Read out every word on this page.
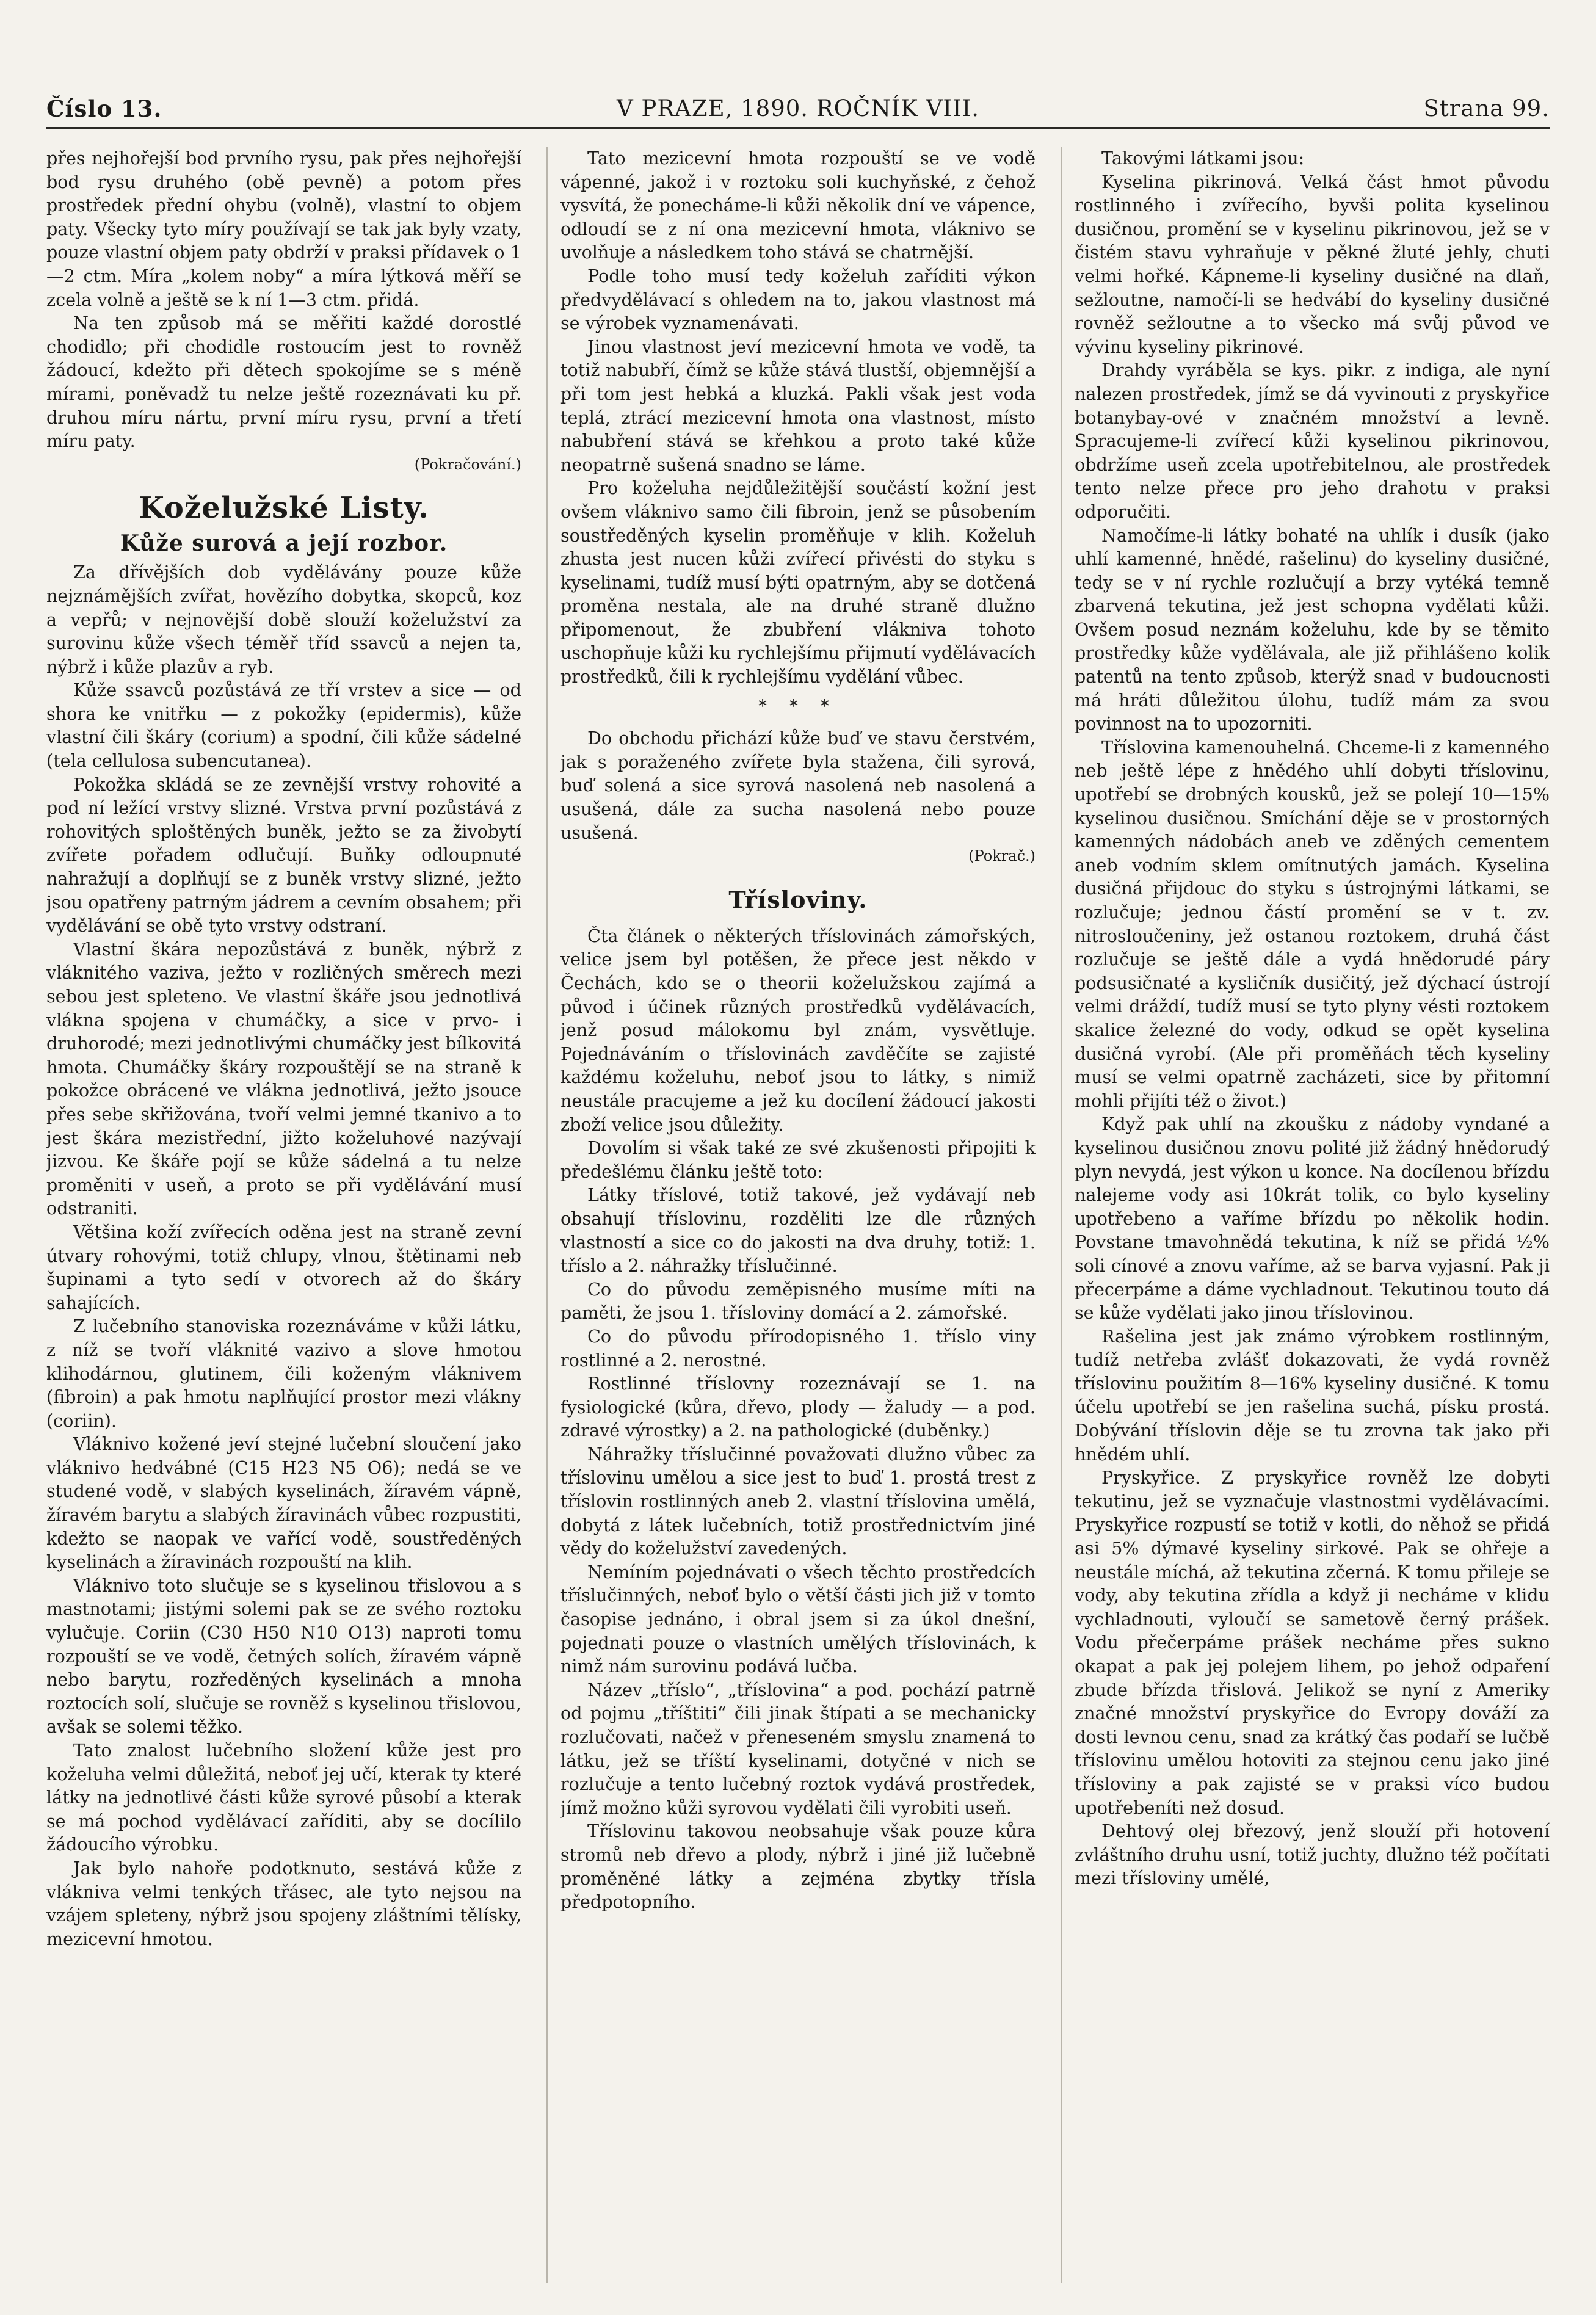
Číslo 13.	V PRAZE, 1890. ROČNÍK VIII.	Strana 99.

přes nejhořejší bod prvního rysu, pak přes nejhořejší bod rysu druhého (obě pevně) a potom přes prostředek přední ohybu (volně), vlastní to objem paty. Všecky tyto míry používají se tak jak byly vzaty, pouze vlastní objem paty obdrží v praksi přídavek o 1—2 ctm. Míra „kolem noby“ a míra lýtková měří se zcela volně a ještě se k ní 1—3 ctm. přidá.

Na ten způsob má se měřiti každé dorostlé chodidlo; při chodidle rostoucím jest to rovněž žádoucí, kdežto při dětech spokojíme se s méně mírami, poněvadž tu nelze ještě rozeznávati ku př. druhou míru nártu, první míru rysu, první a třetí míru paty.

(Pokračování.)
Koželužské Listy.
Kůže surová a její rozbor.

Za dřívějších dob vydělávány pouze kůže nejznámějších zvířat, hovězího dobytka, skopců, koz a vepřů; v nejnovější době slouží koželužství za surovinu kůže všech téměř tříd ssavců a nejen ta, nýbrž i kůže plazův a ryb.

Kůže ssavců pozůstává ze tří vrstev a sice — od shora ke vnitřku — z pokožky (epidermis), kůže vlastní čili škáry (corium) a spodní, čili kůže sádelné (tela cellulosa subencutanea).

Pokožka skládá se ze zevnější vrstvy rohovité a pod ní ležící vrstvy slizné. Vrstva první pozůstává z rohovitých sploštěných buněk, ježto se za živobytí zvířete pořadem odlučují. Buňky odloupnuté nahražují a doplňují se z buněk vrstvy slizné, ježto jsou opatřeny patrným jádrem a cevním obsahem; při vydělávání se obě tyto vrstvy odstraní.

Vlastní škára nepozůstává z buněk, nýbrž z vláknitého vaziva, ježto v rozličných směrech mezi sebou jest spleteno. Ve vlastní škáře jsou jednotlivá vlákna spojena v chumáčky, a sice v prvo- i druhorodé; mezi jednotlivými chumáčky jest bílkovitá hmota. Chumáčky škáry rozpouštějí se na straně k pokožce obrácené ve vlákna jednotlivá, ježto jsouce přes sebe skřižována, tvoří velmi jemné tkanivo a to jest škára mezistřední, jižto koželuhové nazývají jizvou. Ke škáře pojí se kůže sádelná a tu nelze proměniti v useň, a proto se při vydělávání musí odstraniti.

Většina koží zvířecích oděna jest na straně zevní útvary rohovými, totiž chlupy, vlnou, štětinami neb šupinami a tyto sedí v otvorech až do škáry sahajících.

Z lučebního stanoviska rozeznáváme v kůži látku, z níž se tvoří vláknité vazivo a slove hmotou klihodárnou, glutinem, čili koženým vláknivem (fibroin) a pak hmotu naplňující prostor mezi vlákny (coriin).

Vláknivo kožené jeví stejné lučební sloučení jako vláknivo hedvábné (C15 H23 N5 O6); nedá se ve studené vodě, v slabých kyselinách, žíravém vápně, žíravém barytu a slabých žíravinách vůbec rozpustiti, kdežto se naopak ve vařící vodě, soustředěných kyselinách a žíravinách rozpouští na klih.

Vláknivo toto slučuje se s kyselinou třislovou a s mastnotami; jistými solemi pak se ze svého roztoku vylučuje. Coriin (C30 H50 N10 O13) naproti tomu rozpouští se ve vodě, četných solích, žíravém vápně nebo barytu, rozředěných kyselinách a mnoha roztocích solí, slučuje se rovněž s kyselinou třislovou, avšak se solemi těžko.

Tato znalost lučebního složení kůže jest pro koželuha velmi důležitá, neboť jej učí, kterak ty které látky na jednotlivé části kůže syrové působí a kterak se má pochod vydělávací zaříditi, aby se docílilo žádoucího výrobku.

Jak bylo nahoře podotknuto, sestává kůže z vlákniva velmi tenkých třásec, ale tyto nejsou na vzájem spleteny, nýbrž jsou spojeny zláštními tělísky, mezicevní hmotou.

Tato mezicevní hmota rozpouští se ve vodě vápenné, jakož i v roztoku soli kuchyňské, z čehož vysvítá, že ponecháme-li kůži několik dní ve vápence, odloudí se z ní ona mezicevní hmota, vláknivo se uvolňuje a následkem toho stává se chatrnější.

Podle toho musí tedy koželuh zaříditi výkon předvydělávací s ohledem na to, jakou vlastnost má se výrobek vyznamenávati.

Jinou vlastnost jeví mezicevní hmota ve vodě, ta totiž nabubří, čímž se kůže stává tlustší, objemnější a při tom jest hebká a kluzká. Pakli však jest voda teplá, ztrácí mezicevní hmota ona vlastnost, místo nabubření stává se křehkou a proto také kůže neopatrně sušená snadno se láme.

Pro koželuha nejdůležitější součástí kožní jest ovšem vláknivo samo čili fibroin, jenž se působením soustředěných kyselin proměňuje v klih. Koželuh zhusta jest nucen kůži zvířecí přivésti do styku s kyselinami, tudíž musí býti opatrným, aby se dotčená proměna nestala, ale na druhé straně dlužno připomenout, že zbubření vlákniva tohoto uschopňuje kůži ku rychlejšímu přijmutí vydělávacích prostředků, čili k rychlejšímu vydělání vůbec.

* * *

Do obchodu přichází kůže buď ve stavu čerstvém, jak s poraženého zvířete byla stažena, čili syrová, buď solená a sice syrová nasolená neb nasolená a usušená, dále za sucha nasolená nebo pouze usušená.

(Pokrač.)
Třísloviny.

Čta článek o některých tříslovinách zámořských, velice jsem byl potěšen, že přece jest někdo v Čechách, kdo se o theorii koželužskou zajímá a původ i účinek různých prostředků vydělávacích, jenž posud málokomu byl znám, vysvětluje. Pojednáváním o tříslovinách zavděčíte se zajisté každému koželuhu, neboť jsou to látky, s nimiž neustále pracujeme a jež ku docílení žádoucí jakosti zboží velice jsou důležity.

Dovolím si však také ze své zkušenosti připojiti k předešlému článku ještě toto:

Látky tříslové, totiž takové, jež vydávají neb obsahují tříslovinu, rozděliti lze dle různých vlastností a sice co do jakosti na dva druhy, totiž: 1. tříslo a 2. náhražky tříslučinné.

Co do původu zeměpisného musíme míti na paměti, že jsou 1. třísloviny domácí a 2. zámořské.

Co do původu přírodopisného 1. tříslo viny rostlinné a 2. nerostné.

Rostlinné tříslovny rozeznávají se 1. na fysiologické (kůra, dřevo, plody — žaludy — a pod. zdravé výrostky) a 2. na pathologické (duběnky.)

Náhražky tříslučinné považovati dlužno vůbec za tříslovinu umělou a sice jest to buď 1. prostá trest z tříslovin rostlinných aneb 2. vlastní tříslovina umělá, dobytá z látek lučebních, totiž prostřednictvím jiné vědy do koželužství zavedených.

Nemíním pojednávati o všech těchto prostředcích tříslučinných, neboť bylo o větší části jich již v tomto časopise jednáno, i obral jsem si za úkol dnešní, pojednati pouze o vlastních umělých tříslovinách, k nimž nám surovinu podává lučba.

Název „tříslo“, „tříslovina“ a pod. pochází patrně od pojmu „tříštiti“ čili jinak štípati a se mechanicky rozlučovati, načež v přeneseném smyslu znamená to látku, jež se tříští kyselinami, dotyčné v nich se rozlučuje a tento lučebný roztok vydává prostředek, jímž možno kůži syrovou vydělati čili vyrobiti useň.

Tříslovinu takovou neobsahuje však pouze kůra stromů neb dřevo a plody, nýbrž i jiné již lučebně proměněné látky a zejména zbytky třísla předpotopního.

Takovými látkami jsou:

Kyselina pikrinová. Velká část hmot původu rostlinného i zvířecího, byvši polita kyselinou dusičnou, promění se v kyselinu pikrinovou, jež se v čistém stavu vyhraňuje v pěkné žluté jehly, chuti velmi hořké. Kápneme-li kyseliny dusičné na dlaň, sežloutne, namočí-li se hedvábí do kyseliny dusičné rovněž sežloutne a to všecko má svůj původ ve vývinu kyseliny pikrinové.

Drahdy vyráběla se kys. pikr. z indiga, ale nyní nalezen prostředek, jímž se dá vyvinouti z pryskyřice botanybay-ové v značném množství a levně. Spracujeme-li zvířecí kůži kyselinou pikrinovou, obdržíme useň zcela upotřebitelnou, ale prostředek tento nelze přece pro jeho drahotu v praksi odporučiti.

Namočíme-li látky bohaté na uhlík i dusík (jako uhlí kamenné, hnědé, rašelinu) do kyseliny dusičné, tedy se v ní rychle rozlučují a brzy vytéká temně zbarvená tekutina, jež jest schopna vydělati kůži. Ovšem posud neznám koželuhu, kde by se těmito prostředky kůže vydělávala, ale již přihlášeno kolik patentů na tento způsob, kterýž snad v budoucnosti má hráti důležitou úlohu, tudíž mám za svou povinnost na to upozorniti.

Tříslovina kamenouhelná. Chceme-li z kamenného neb ještě lépe z hnědého uhlí dobyti tříslovinu, upotřebí se drobných kousků, jež se polejí 10—15% kyselinou dusičnou. Smíchání děje se v prostorných kamenných nádobách aneb ve zděných cementem aneb vodním sklem omítnutých jamách. Kyselina dusičná přijdouc do styku s ústrojnými látkami, se rozlučuje; jednou částí promění se v t. zv. nitrosloučeniny, jež ostanou roztokem, druhá část rozlučuje se ještě dále a vydá hnědorudé páry podsusičnaté a kysličník dusičitý, jež dýchací ústrojí velmi dráždí, tudíž musí se tyto plyny vésti roztokem skalice železné do vody, odkud se opět kyselina dusičná vyrobí. (Ale při proměňách těch kyseliny musí se velmi opatrně zacházeti, sice by přitomní mohli přijíti též o život.)

Když pak uhlí na zkoušku z nádoby vyndané a kyselinou dusičnou znovu polité již žádný hnědorudý plyn nevydá, jest výkon u konce. Na docílenou břízdu nalejeme vody asi 10krát tolik, co bylo kyseliny upotřebeno a vaříme břízdu po několik hodin. Povstane tmavohnědá tekutina, k níž se přidá ½% soli cínové a znovu vaříme, až se barva vyjasní. Pak ji přecerpáme a dáme vychladnout. Tekutinou touto dá se kůže vydělati jako jinou tříslovinou.

Rašelina jest jak známo výrobkem rostlinným, tudíž netřeba zvlášť dokazovati, že vydá rovněž tříslovinu použitím 8—16% kyseliny dusičné. K tomu účelu upotřebí se jen rašelina suchá, písku prostá. Dobývání tříslovin děje se tu zrovna tak jako při hnědém uhlí.

Pryskyřice. Z pryskyřice rovněž lze dobyti tekutinu, jež se vyznačuje vlastnostmi vydělávacími. Pryskyřice rozpustí se totiž v kotli, do něhož se přidá asi 5% dýmavé kyseliny sirkové. Pak se ohřeje a neustále míchá, až tekutina zčerná. K tomu přileje se vody, aby tekutina zřídla a když ji necháme v klidu vychladnouti, vyloučí se sametově černý prášek. Vodu přečerpáme prášek necháme přes sukno okapat a pak jej polejem lihem, po jehož odpaření zbude břízda třislová. Jelikož se nyní z Ameriky značné množství pryskyřice do Evropy dováží za dosti levnou cenu, snad za krátký čas podaří se lučbě tříslovinu umělou hotoviti za stejnou cenu jako jiné třísloviny a pak zajisté se v praksi víco budou upotřebeníti než dosud.

Dehtový olej březový, jenž slouží při hotovení zvláštního druhu usní, totiž juchty, dlužno též počítati mezi třísloviny umělé,
